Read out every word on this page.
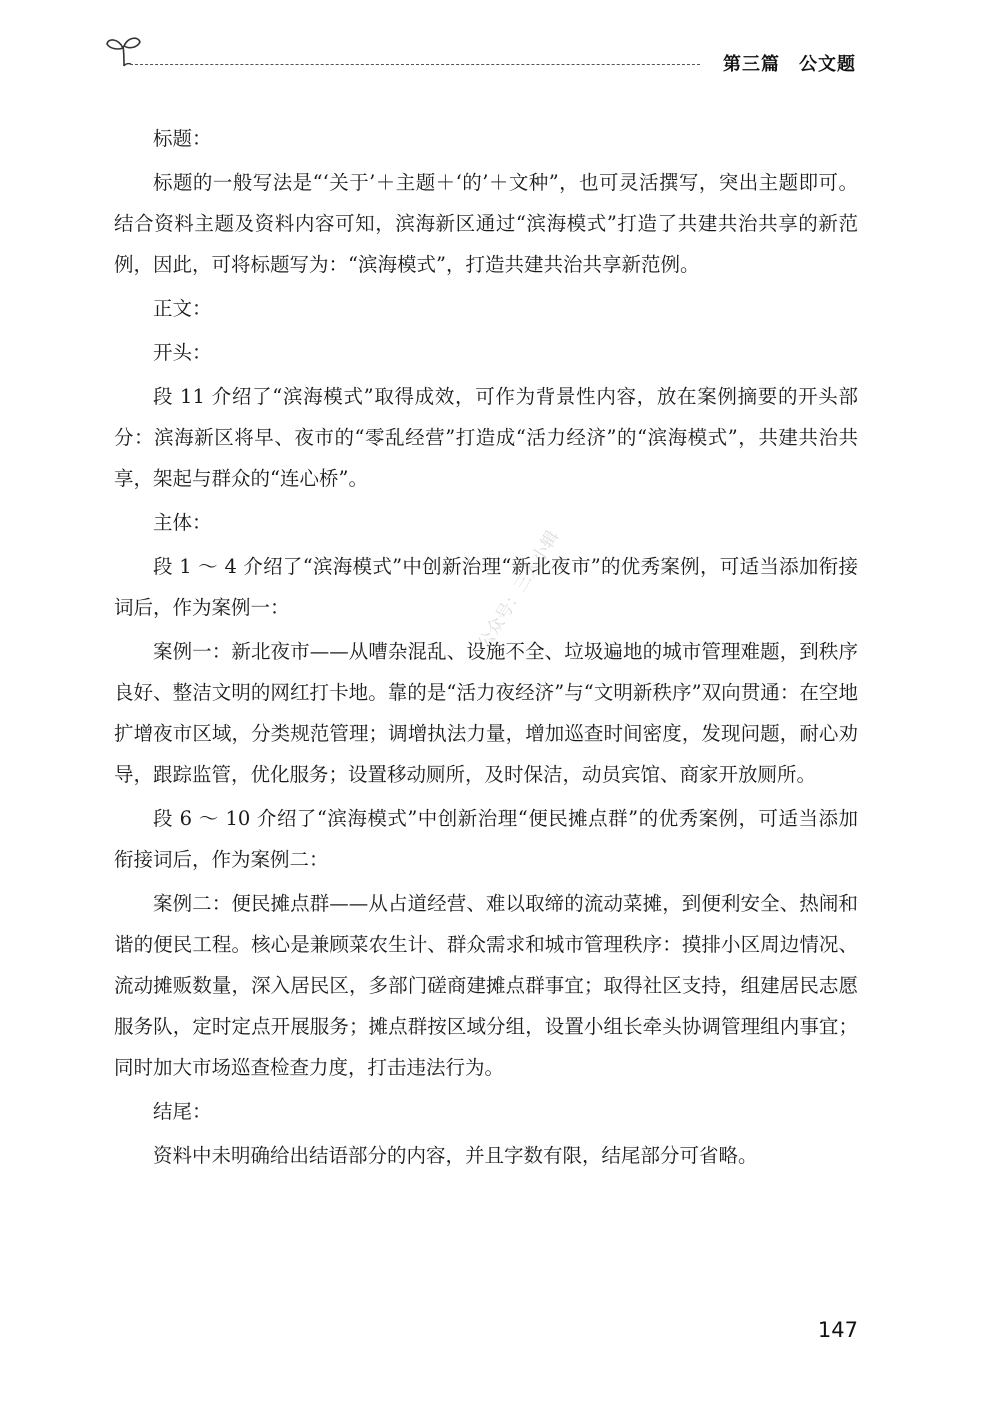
第三篇　公文题
公众号：三人小辑

标题：

标题的一般写法是“‘关于’＋主题＋‘的’＋文种”，也可灵活撰写，突出主题即可。结合资料主题及资料内容可知，滨海新区通过“滨海模式”打造了共建共治共享的新范例，因此，可将标题写为：“滨海模式”，打造共建共治共享新范例。

正文：

开头：

段 11 介绍了“滨海模式”取得成效，可作为背景性内容，放在案例摘要的开头部分：滨海新区将早、夜市的“零乱经营”打造成“活力经济”的“滨海模式”，共建共治共享，架起与群众的“连心桥”。

主体：

段 1 ～ 4 介绍了“滨海模式”中创新治理“新北夜市”的优秀案例，可适当添加衔接词后，作为案例一：

案例一：新北夜市——从嘈杂混乱、设施不全、垃圾遍地的城市管理难题，到秩序良好、整洁文明的网红打卡地。靠的是“活力夜经济”与“文明新秩序”双向贯通：在空地扩增夜市区域，分类规范管理；调增执法力量，增加巡查时间密度，发现问题，耐心劝导，跟踪监管，优化服务；设置移动厕所，及时保洁，动员宾馆、商家开放厕所。

段 6 ～ 10 介绍了“滨海模式”中创新治理“便民摊点群”的优秀案例，可适当添加衔接词后，作为案例二：

案例二：便民摊点群——从占道经营、难以取缔的流动菜摊，到便利安全、热闹和谐的便民工程。核心是兼顾菜农生计、群众需求和城市管理秩序：摸排小区周边情况、流动摊贩数量，深入居民区，多部门磋商建摊点群事宜；取得社区支持，组建居民志愿服务队，定时定点开展服务；摊点群按区域分组，设置小组长牵头协调管理组内事宜；同时加大市场巡查检查力度，打击违法行为。

结尾：

资料中未明确给出结语部分的内容，并且字数有限，结尾部分可省略。

147
